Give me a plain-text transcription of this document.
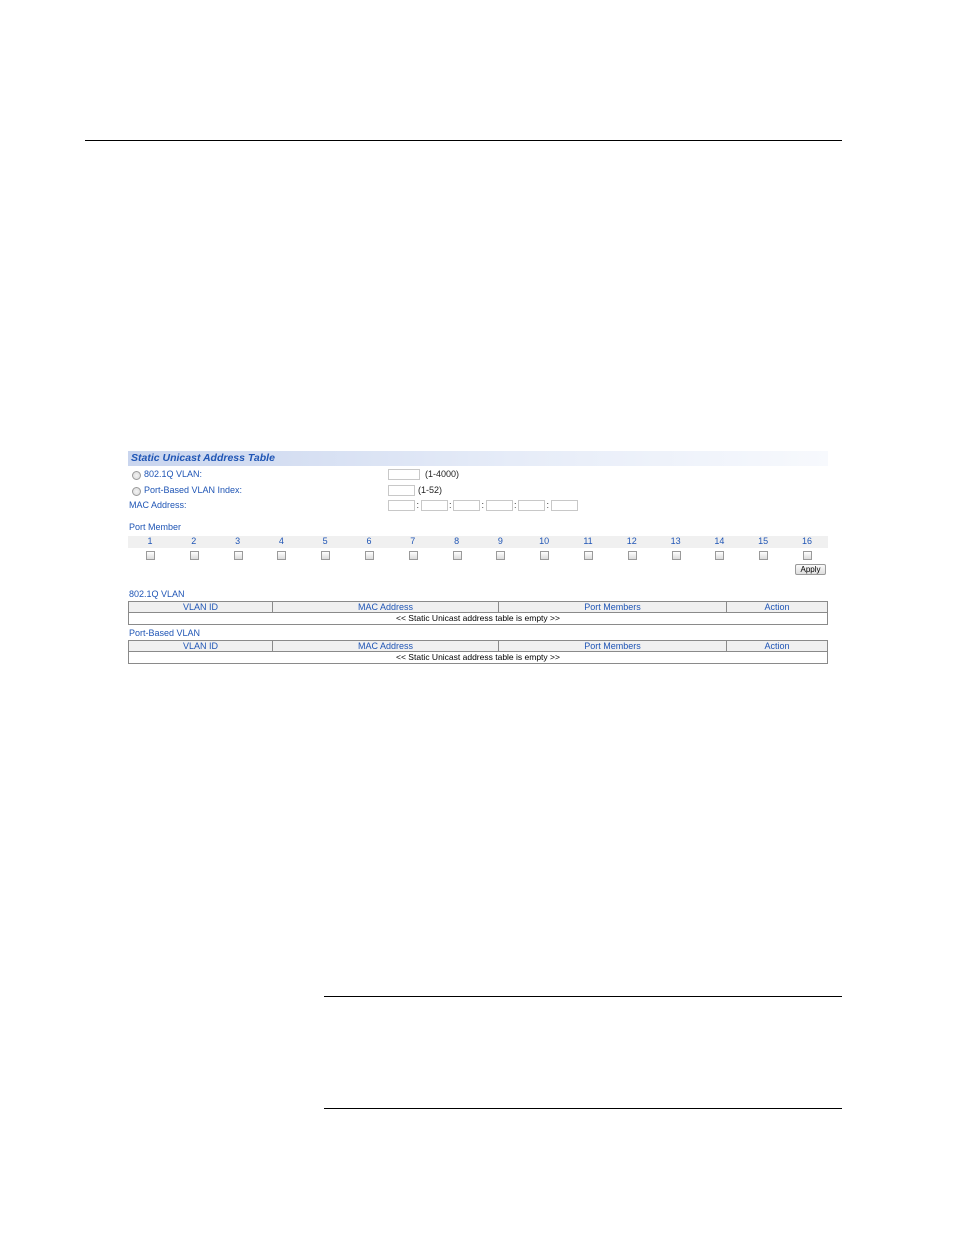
Static Unicast Address Table
802.1Q VLAN:	(1-4000)
Port-Based VLAN Index:	(1-52)
MAC Address:	:	:	:	:	:
Port Member
1	2	3	4	5	6	7	8	9	10	11	12	13	14	15	16
Apply
802.1Q VLAN
VLAN ID	MAC Address	Port Members	Action
<< Static Unicast address table is empty >>
Port-Based VLAN
VLAN ID	MAC Address	Port Members	Action
<< Static Unicast address table is empty >>
